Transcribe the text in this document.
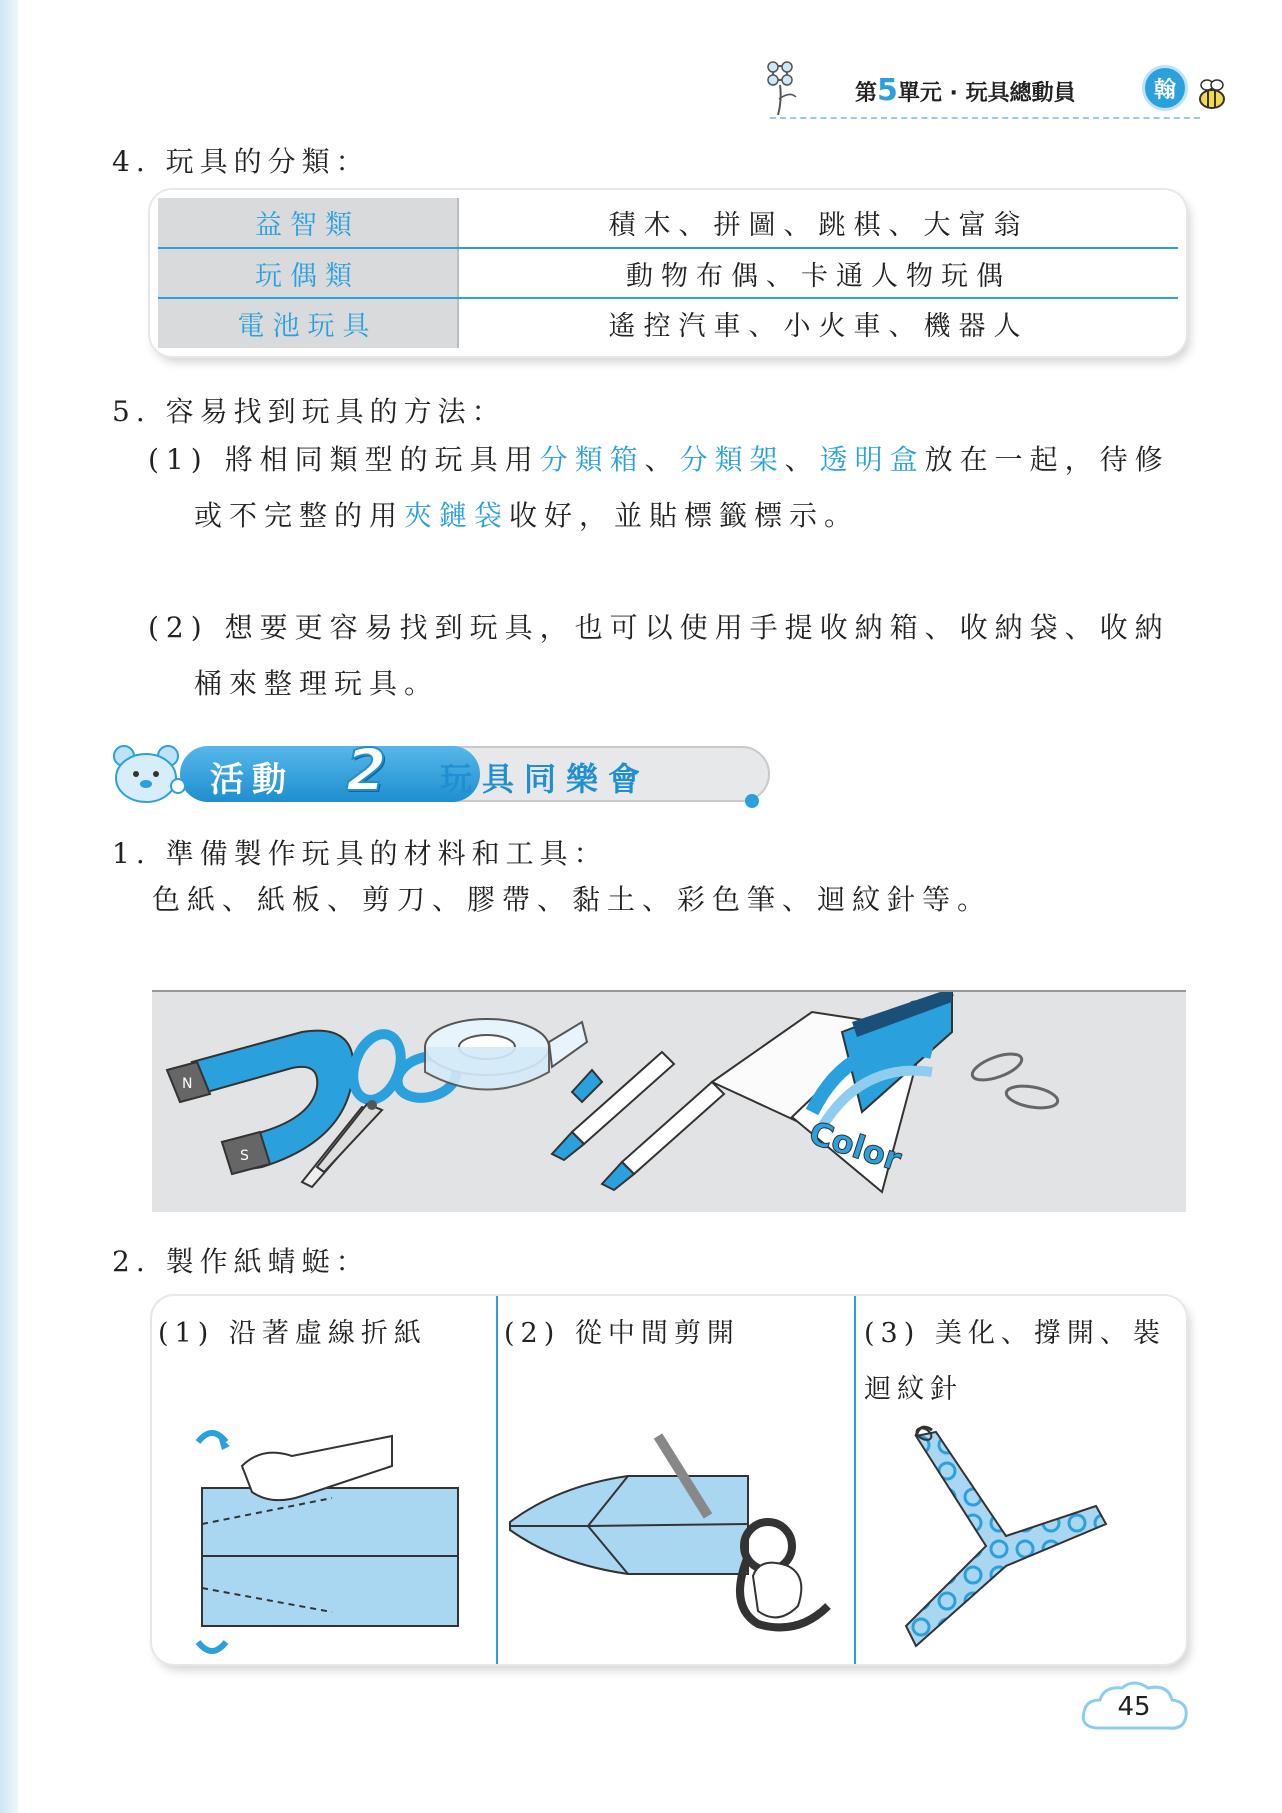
第5單元 · 玩具總動員	翰
4. 玩具的分類：
益智類	積木、拼圖、跳棋、大富翁
玩偶類	動物布偶、卡通人物玩偶
電池玩具	遙控汽車、小火車、機器人
5. 容易找到玩具的方法：
(1) 將相同類型的玩具用分類箱、分類架、透明盒放在一起，待修或不完整的用夾鏈袋收好，並貼標籤標示。
(2) 想要更容易找到玩具，也可以使用手提收納箱、收納袋、收納桶來整理玩具。
活動 2 玩具同樂會
1. 準備製作玩具的材料和工具：
色紙、紙板、剪刀、膠帶、黏土、彩色筆、迴紋針等。
N
S	Color
2. 製作紙蜻蜓：
(1) 沿著虛線折紙	(2) 從中間剪開	(3) 美化、撐開、裝迴紋針
45
